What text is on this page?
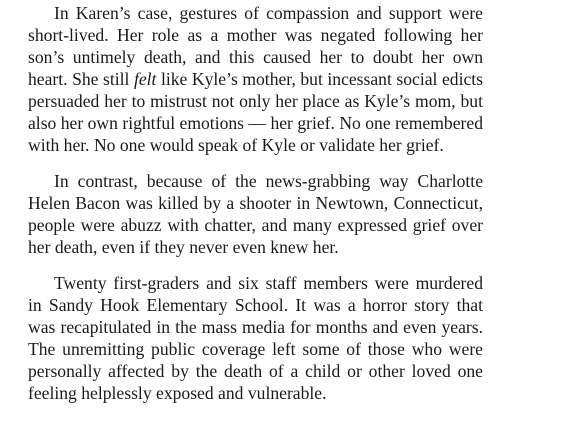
In Karen’s case, gestures of compassion and support were short-lived. Her role as a mother was negated following her son’s untimely death, and this caused her to doubt her own heart. She still felt like Kyle’s mother, but incessant social edicts persuaded her to mistrust not only her place as Kyle’s mom, but also her own rightful emotions — her grief. No one remembered with her. No one would speak of Kyle or validate her grief.

In contrast, because of the news-grabbing way Charlotte Helen Bacon was killed by a shooter in Newtown, Connecticut, people were abuzz with chatter, and many expressed grief over her death, even if they never even knew her.

Twenty first-graders and six staff members were murdered in Sandy Hook Elementary School. It was a horror story that was recapitulated in the mass media for months and even years. The unremitting public coverage left some of those who were personally affected by the death of a child or other loved one feeling helplessly exposed and vulnerable.
